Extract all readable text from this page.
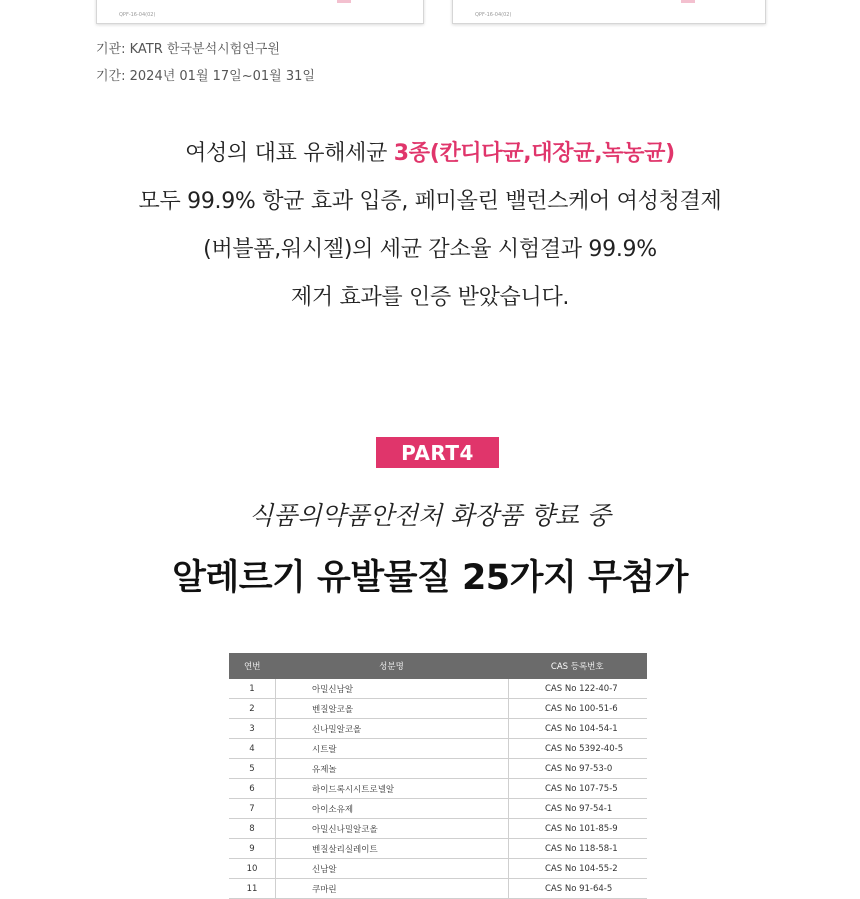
QPF-16-04(02)	QPF-16-04(02)
기관: KATR 한국분석시험연구원
기간: 2024년 01월 17일~01월 31일
여성의 대표 유해세균 3종(칸디다균,대장균,녹농균)
모두 99.9% 항균 효과 입증, 페미올린 밸런스케어 여성청결제
(버블폼,워시젤)의 세균 감소율 시험결과 99.9%
제거 효과를 인증 받았습니다.
PART4
식품의약품안전처 화장품 향료 중
알레르기 유발물질 25가지 무첨가
연번	성분명	CAS 등록번호
1	아밀신남알	CAS No 122-40-7
2	벤질알코올	CAS No 100-51-6
3	신나밀알코올	CAS No 104-54-1
4	시트랄	CAS No 5392-40-5
5	유제놀	CAS No 97-53-0
6	하이드록시시트로넬알	CAS No 107-75-5
7	아이소유제	CAS No 97-54-1
8	아밀신나밀알코올	CAS No 101-85-9
9	벤질살리실레이트	CAS No 118-58-1
10	신남알	CAS No 104-55-2
11	쿠마린	CAS No 91-64-5
